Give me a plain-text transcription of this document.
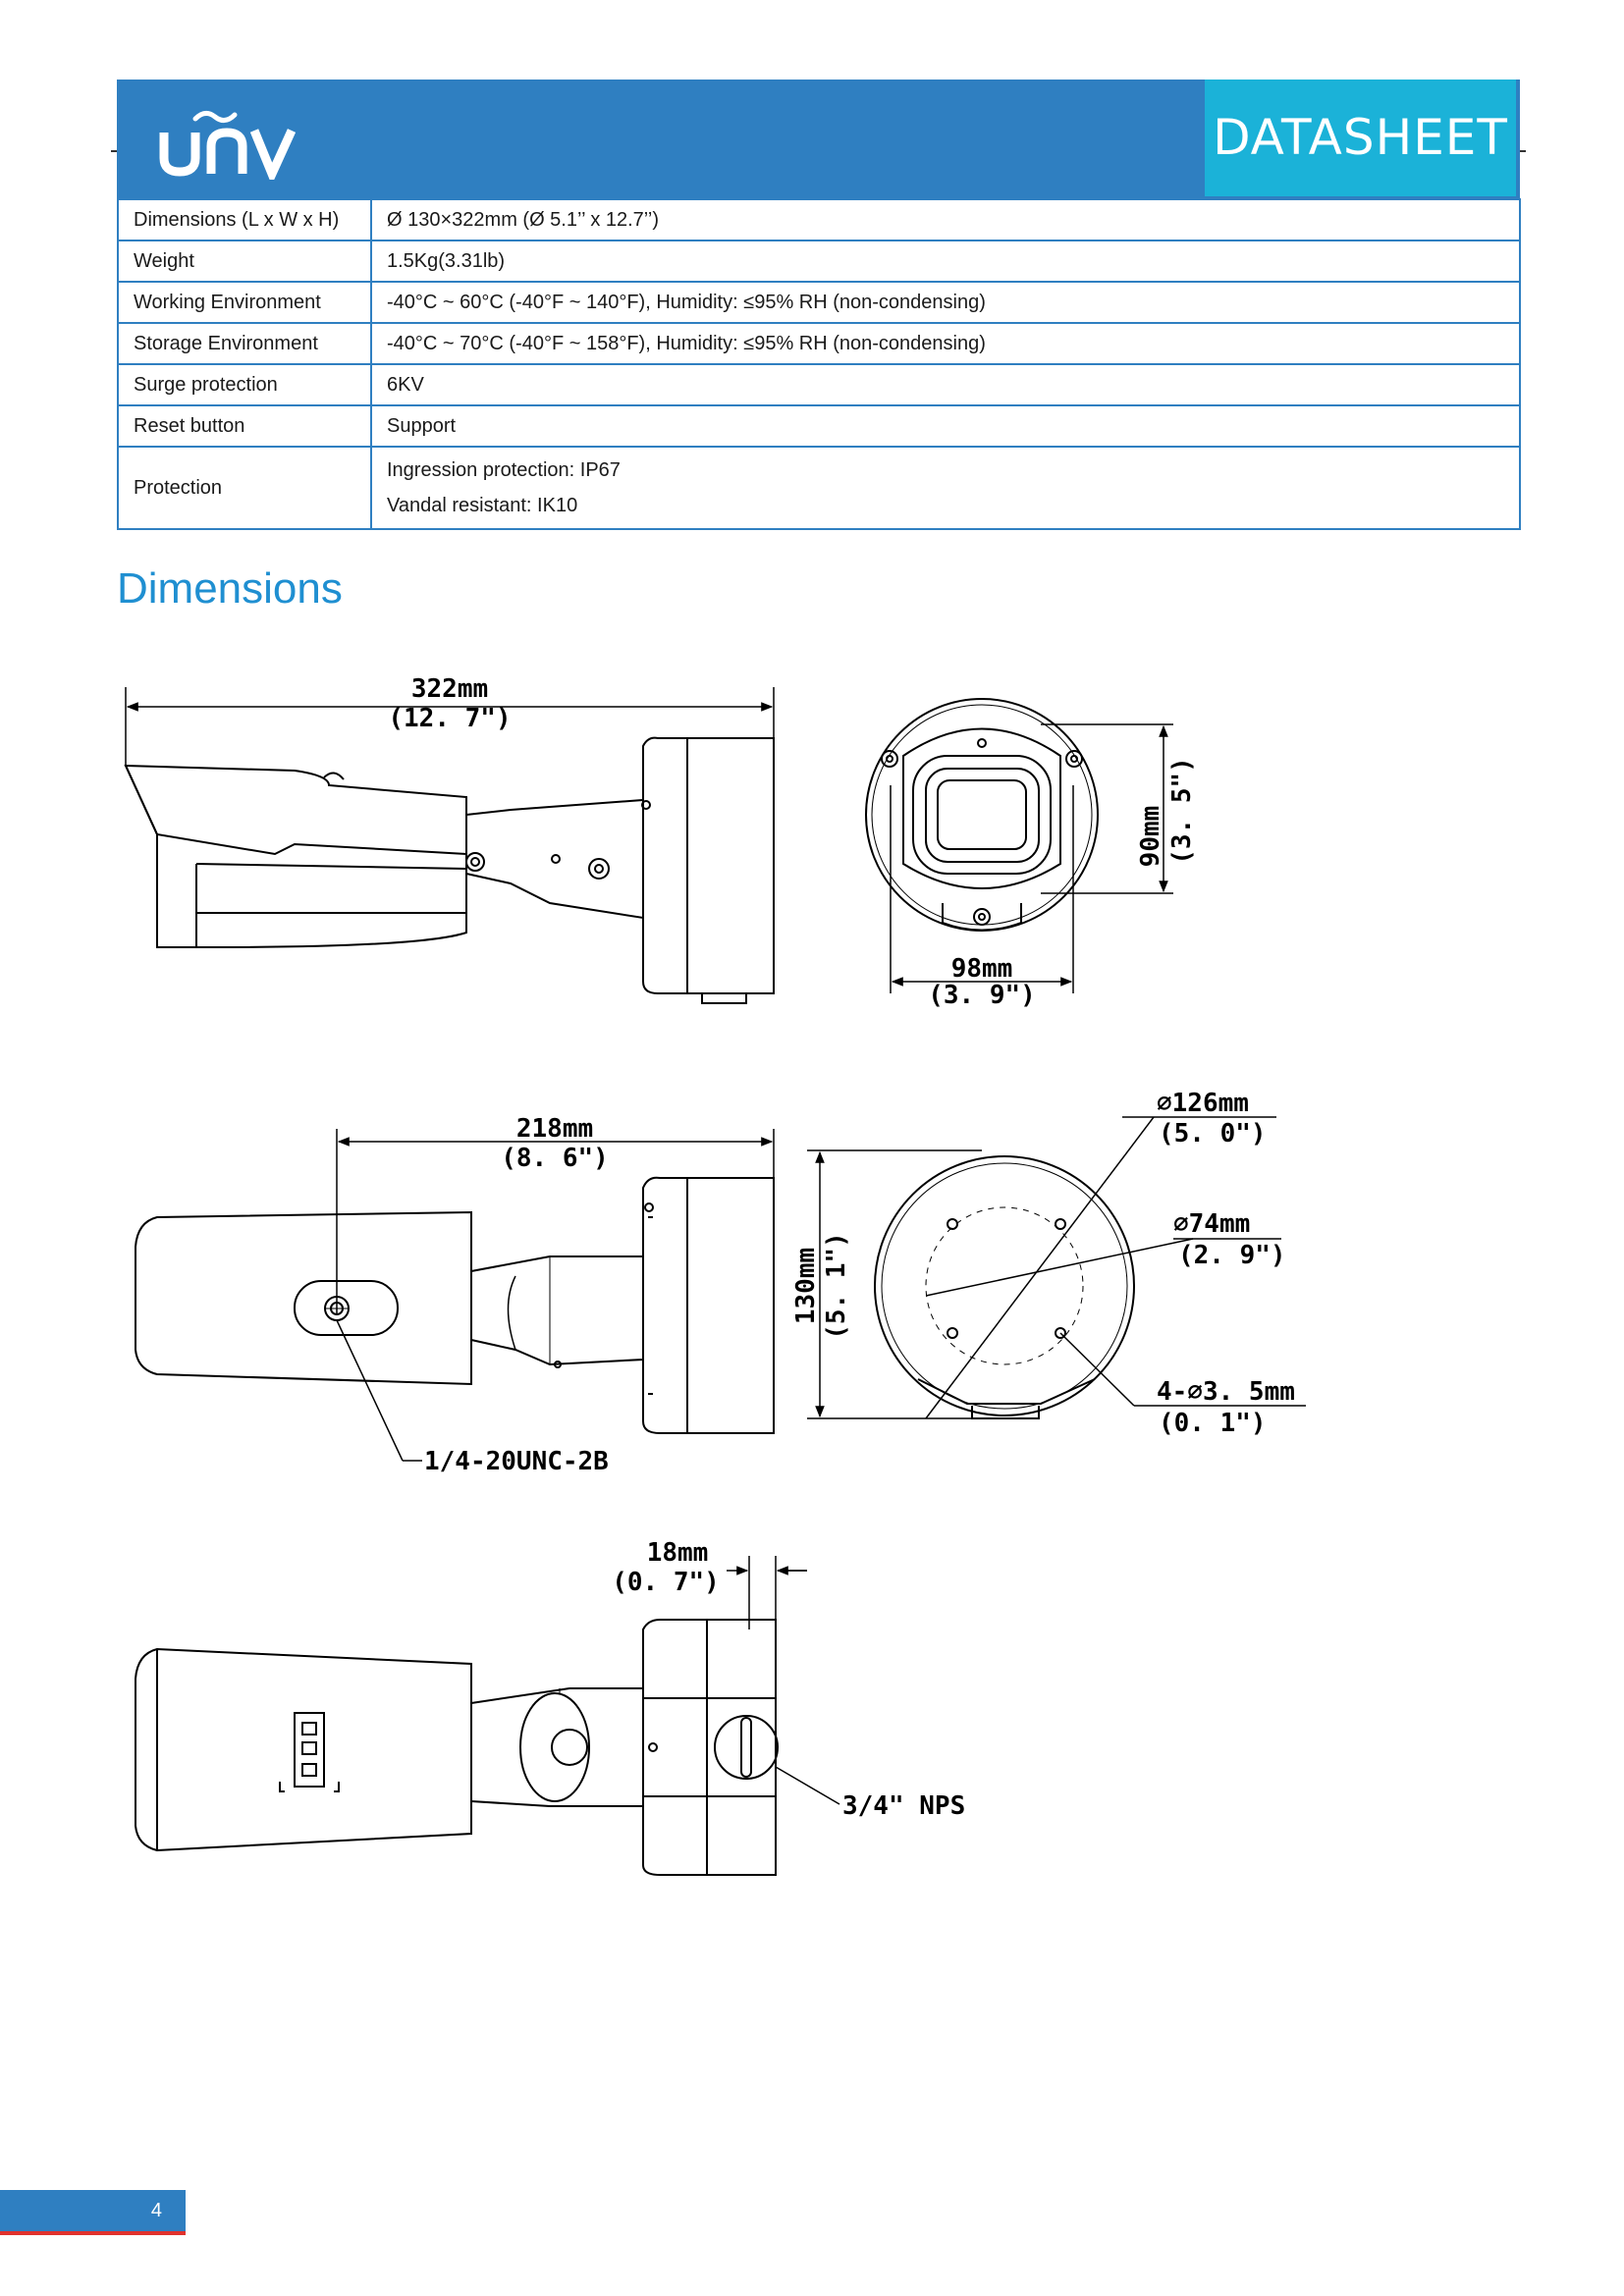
DATASHEET
Dimensions (L x W x H)	Ø 130×322mm (Ø 5.1’’ x 12.7’’)
Weight	1.5Kg(3.31lb)
Working Environment	-40°C ~ 60°C (-40°F ~ 140°F), Humidity: ≤95% RH (non-condensing)
Storage Environment	-40°C ~ 70°C (-40°F ~ 158°F), Humidity: ≤95% RH (non-condensing)
Surge protection	6KV
Reset button	Support
Protection	Ingression protection: IP67
Vandal resistant: IK10
Dimensions
322mm
(12. 7")
90mm (3. 5")
98mm
(3. 9")
218mm
(8. 6")
130mm (5. 1")
∅126mm
(5. 0")
∅74mm
(2. 9")
4-∅3. 5mm
(0. 1")
1/4-20UNC-2B
18mm
(0. 7")
3/4" NPS
4
